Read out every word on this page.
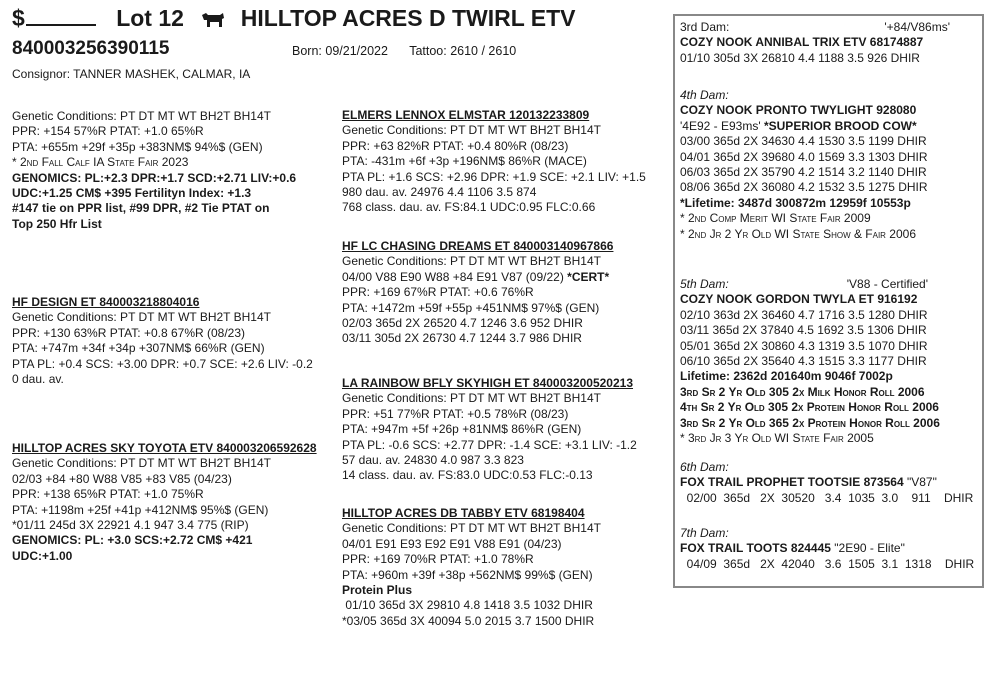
$	Lot 12 HILLTOP ACRES D TWIRL ETV
840003256390115	Born: 09/21/2022 Tattoo: 2610 / 2610
Consignor: TANNER MASHEK, CALMAR, IA
Genetic Conditions: PT DT MT WT BH2T BH14T
PPR: +154 57%R PTAT: +1.0 65%R
PTA: +655m +29f +35p +383NM$ 94%$ (GEN)
* 2nd Fall Calf IA State Fair 2023
GENOMICS: PL:+2.3 DPR:+1.7 SCD:+2.71 LIV:+0.6
UDC:+1.25 CM$ +395 Fertilityn Index: +1.3
#147 tie on PPR list, #99 DPR, #2 Tie PTAT on
Top 250 Hfr List
HF DESIGN ET 840003218804016
Genetic Conditions: PT DT MT WT BH2T BH14T
PPR: +130 63%R PTAT: +0.8 67%R (08/23)
PTA: +747m +34f +34p +307NM$ 66%R (GEN)
PTA PL: +0.4 SCS: +3.00 DPR: +0.7 SCE: +2.6 LIV: -0.2
0 dau. av.
HILLTOP ACRES SKY TOYOTA ETV 840003206592628
Genetic Conditions: PT DT MT WT BH2T BH14T
02/03 +84 +80 W88 V85 +83 V85 (04/23)
PPR: +138 65%R PTAT: +1.0 75%R
PTA: +1198m +25f +41p +412NM$ 95%$ (GEN)
*01/11 245d 3X 22921 4.1 947 3.4 775 (RIP)
GENOMICS: PL: +3.0 SCS:+2.72 CM$ +421
UDC:+1.00
ELMERS LENNOX ELMSTAR 120132233809
Genetic Conditions: PT DT MT WT BH2T BH14T
PPR: +63 82%R PTAT: +0.4 80%R (08/23)
PTA: -431m +6f +3p +196NM$ 86%R (MACE)
PTA PL: +1.6 SCS: +2.96 DPR: +1.9 SCE: +2.1 LIV: +1.5
980 dau. av. 24976 4.4 1106 3.5 874
768 class. dau. av. FS:84.1 UDC:0.95 FLC:0.66
HF LC CHASING DREAMS ET 840003140967866
Genetic Conditions: PT DT MT WT BH2T BH14T
04/00 V88 E90 W88 +84 E91 V87 (09/22) *CERT*
PPR: +169 67%R PTAT: +0.6 76%R
PTA: +1472m +59f +55p +451NM$ 97%$ (GEN)
02/03 365d 2X 26520 4.7 1246 3.6 952 DHIR
03/11 305d 2X 26730 4.7 1244 3.7 986 DHIR
LA RAINBOW BFLY SKYHIGH ET 840003200520213
Genetic Conditions: PT DT MT WT BH2T BH14T
PPR: +51 77%R PTAT: +0.5 78%R (08/23)
PTA: +947m +5f +26p +81NM$ 86%R (GEN)
PTA PL: -0.6 SCS: +2.77 DPR: -1.4 SCE: +3.1 LIV: -1.2
57 dau. av. 24830 4.0 987 3.3 823
14 class. dau. av. FS:83.0 UDC:0.53 FLC:-0.13
HILLTOP ACRES DB TABBY ETV 68198404
Genetic Conditions: PT DT MT WT BH2T BH14T
04/01 E91 E93 E92 E91 V88 E91 (04/23)
PPR: +169 70%R PTAT: +1.0 78%R
PTA: +960m +39f +38p +562NM$ 99%$ (GEN)
Protein Plus
01/10 365d 3X 29810 4.8 1418 3.5 1032 DHIR
*03/05 365d 3X 40094 5.0 2015 3.7 1500 DHIR
3rd Dam:	'+84/V86ms'
COZY NOOK ANNIBAL TRIX ETV 68174887
01/10 305d 3X 26810 4.4 1188 3.5 926 DHIR
4th Dam:
COZY NOOK PRONTO TWYLIGHT 928080
'4E92 - E93ms' *SUPERIOR BROOD COW*
03/00 365d 2X 34630 4.4 1530 3.5 1199 DHIR
04/01 365d 2X 39680 4.0 1569 3.3 1303 DHIR
06/03 365d 2X 35790 4.2 1514 3.2 1140 DHIR
08/06 365d 2X 36080 4.2 1532 3.5 1275 DHIR
*Lifetime: 3487d 300872m 12959f 10553p
* 2nd Comp Merit WI State Fair 2009
* 2nd Jr 2 Yr Old WI State Show & Fair 2006
5th Dam:	'V88 - Certified'
COZY NOOK GORDON TWYLA ET 916192
02/10 363d 2X 36460 4.7 1716 3.5 1280 DHIR
03/11 365d 2X 37840 4.5 1692 3.5 1306 DHIR
05/01 365d 2X 30860 4.3 1319 3.5 1070 DHIR
06/10 365d 2X 35640 4.3 1515 3.3 1177 DHIR
Lifetime: 2362d 201640m 9046f 7002p
3rd Sr 2 Yr Old 305 2x Milk Honor Roll 2006
4th Sr 2 Yr Old 305 2x Protein Honor Roll 2006
3rd Sr 2 Yr Old 365 2x Protein Honor Roll 2006
* 3rd Jr 3 Yr Old WI State Fair 2005
6th Dam:
FOX TRAIL PROPHET TOOTSIE 873564 "V87"
02/00  365d   2X  30520   3.4  1035  3.0    911    DHIR
7th Dam:
FOX TRAIL TOOTS 824445 "2E90 - Elite"
04/09  365d   2X  42040   3.6  1505  3.1  1318    DHIR
